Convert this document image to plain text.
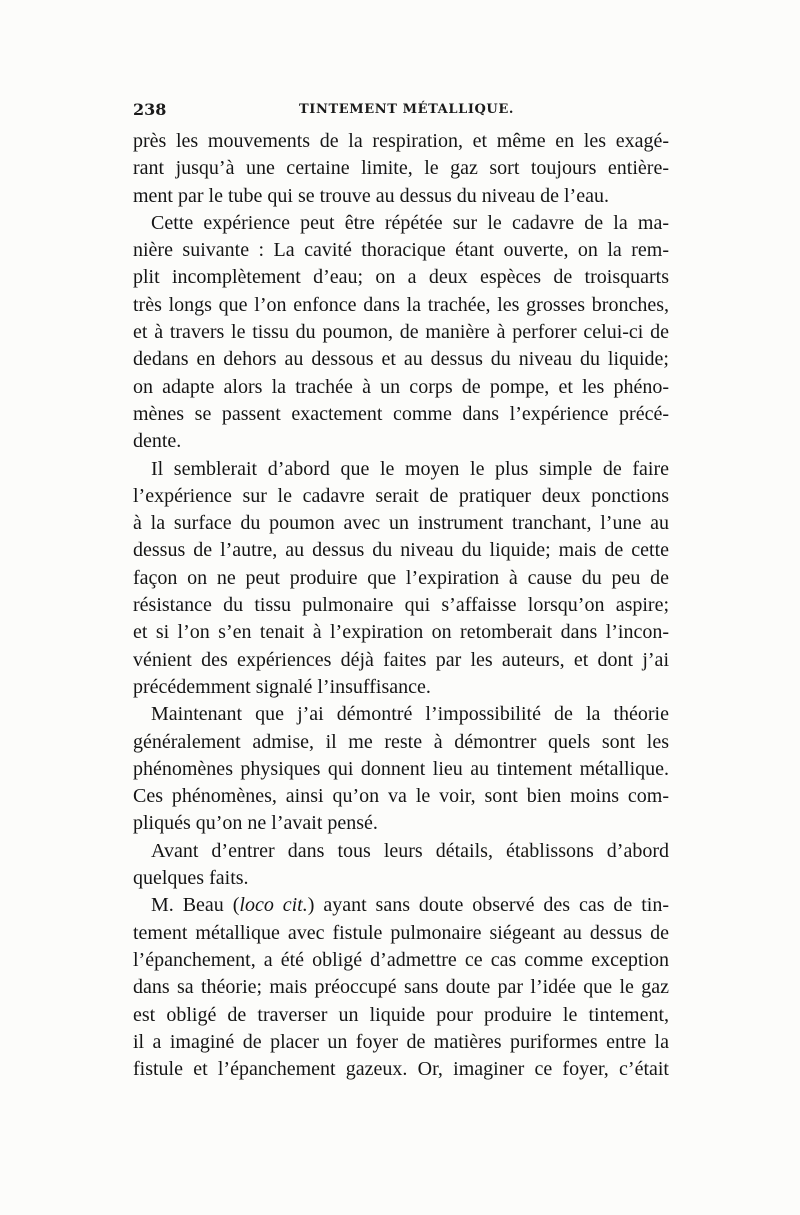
238	TINTEMENT MÉTALLIQUE.

près les mouvements de la respiration, et même en les exagé-

rant jusqu’à une certaine limite, le gaz sort toujours entière-

ment par le tube qui se trouve au dessus du niveau de l’eau.

Cette expérience peut être répétée sur le cadavre de la ma-

nière suivante : La cavité thoracique étant ouverte, on la rem-

plit incomplètement d’eau; on a deux espèces de troisquarts

très longs que l’on enfonce dans la trachée, les grosses bronches,

et à travers le tissu du poumon, de manière à perforer celui-ci de

dedans en dehors au dessous et au dessus du niveau du liquide;

on adapte alors la trachée à un corps de pompe, et les phéno-

mènes se passent exactement comme dans l’expérience précé-

dente.

Il semblerait d’abord que le moyen le plus simple de faire

l’expérience sur le cadavre serait de pratiquer deux ponctions

à la surface du poumon avec un instrument tranchant, l’une au

dessus de l’autre, au dessus du niveau du liquide; mais de cette

façon on ne peut produire que l’expiration à cause du peu de

résistance du tissu pulmonaire qui s’affaisse lorsqu’on aspire;

et si l’on s’en tenait à l’expiration on retomberait dans l’incon-

vénient des expériences déjà faites par les auteurs, et dont j’ai

précédemment signalé l’insuffisance.

Maintenant que j’ai démontré l’impossibilité de la théorie

généralement admise, il me reste à démontrer quels sont les

phénomènes physiques qui donnent lieu au tintement métallique.

Ces phénomènes, ainsi qu’on va le voir, sont bien moins com-

pliqués qu’on ne l’avait pensé.

Avant d’entrer dans tous leurs détails, établissons d’abord

quelques faits.

M. Beau (loco cit.) ayant sans doute observé des cas de tin-

tement métallique avec fistule pulmonaire siégeant au dessus de

l’épanchement, a été obligé d’admettre ce cas comme exception

dans sa théorie; mais préoccupé sans doute par l’idée que le gaz

est obligé de traverser un liquide pour produire le tintement,

il a imaginé de placer un foyer de matières puriformes entre la

fistule et l’épanchement gazeux. Or, imaginer ce foyer, c’était
